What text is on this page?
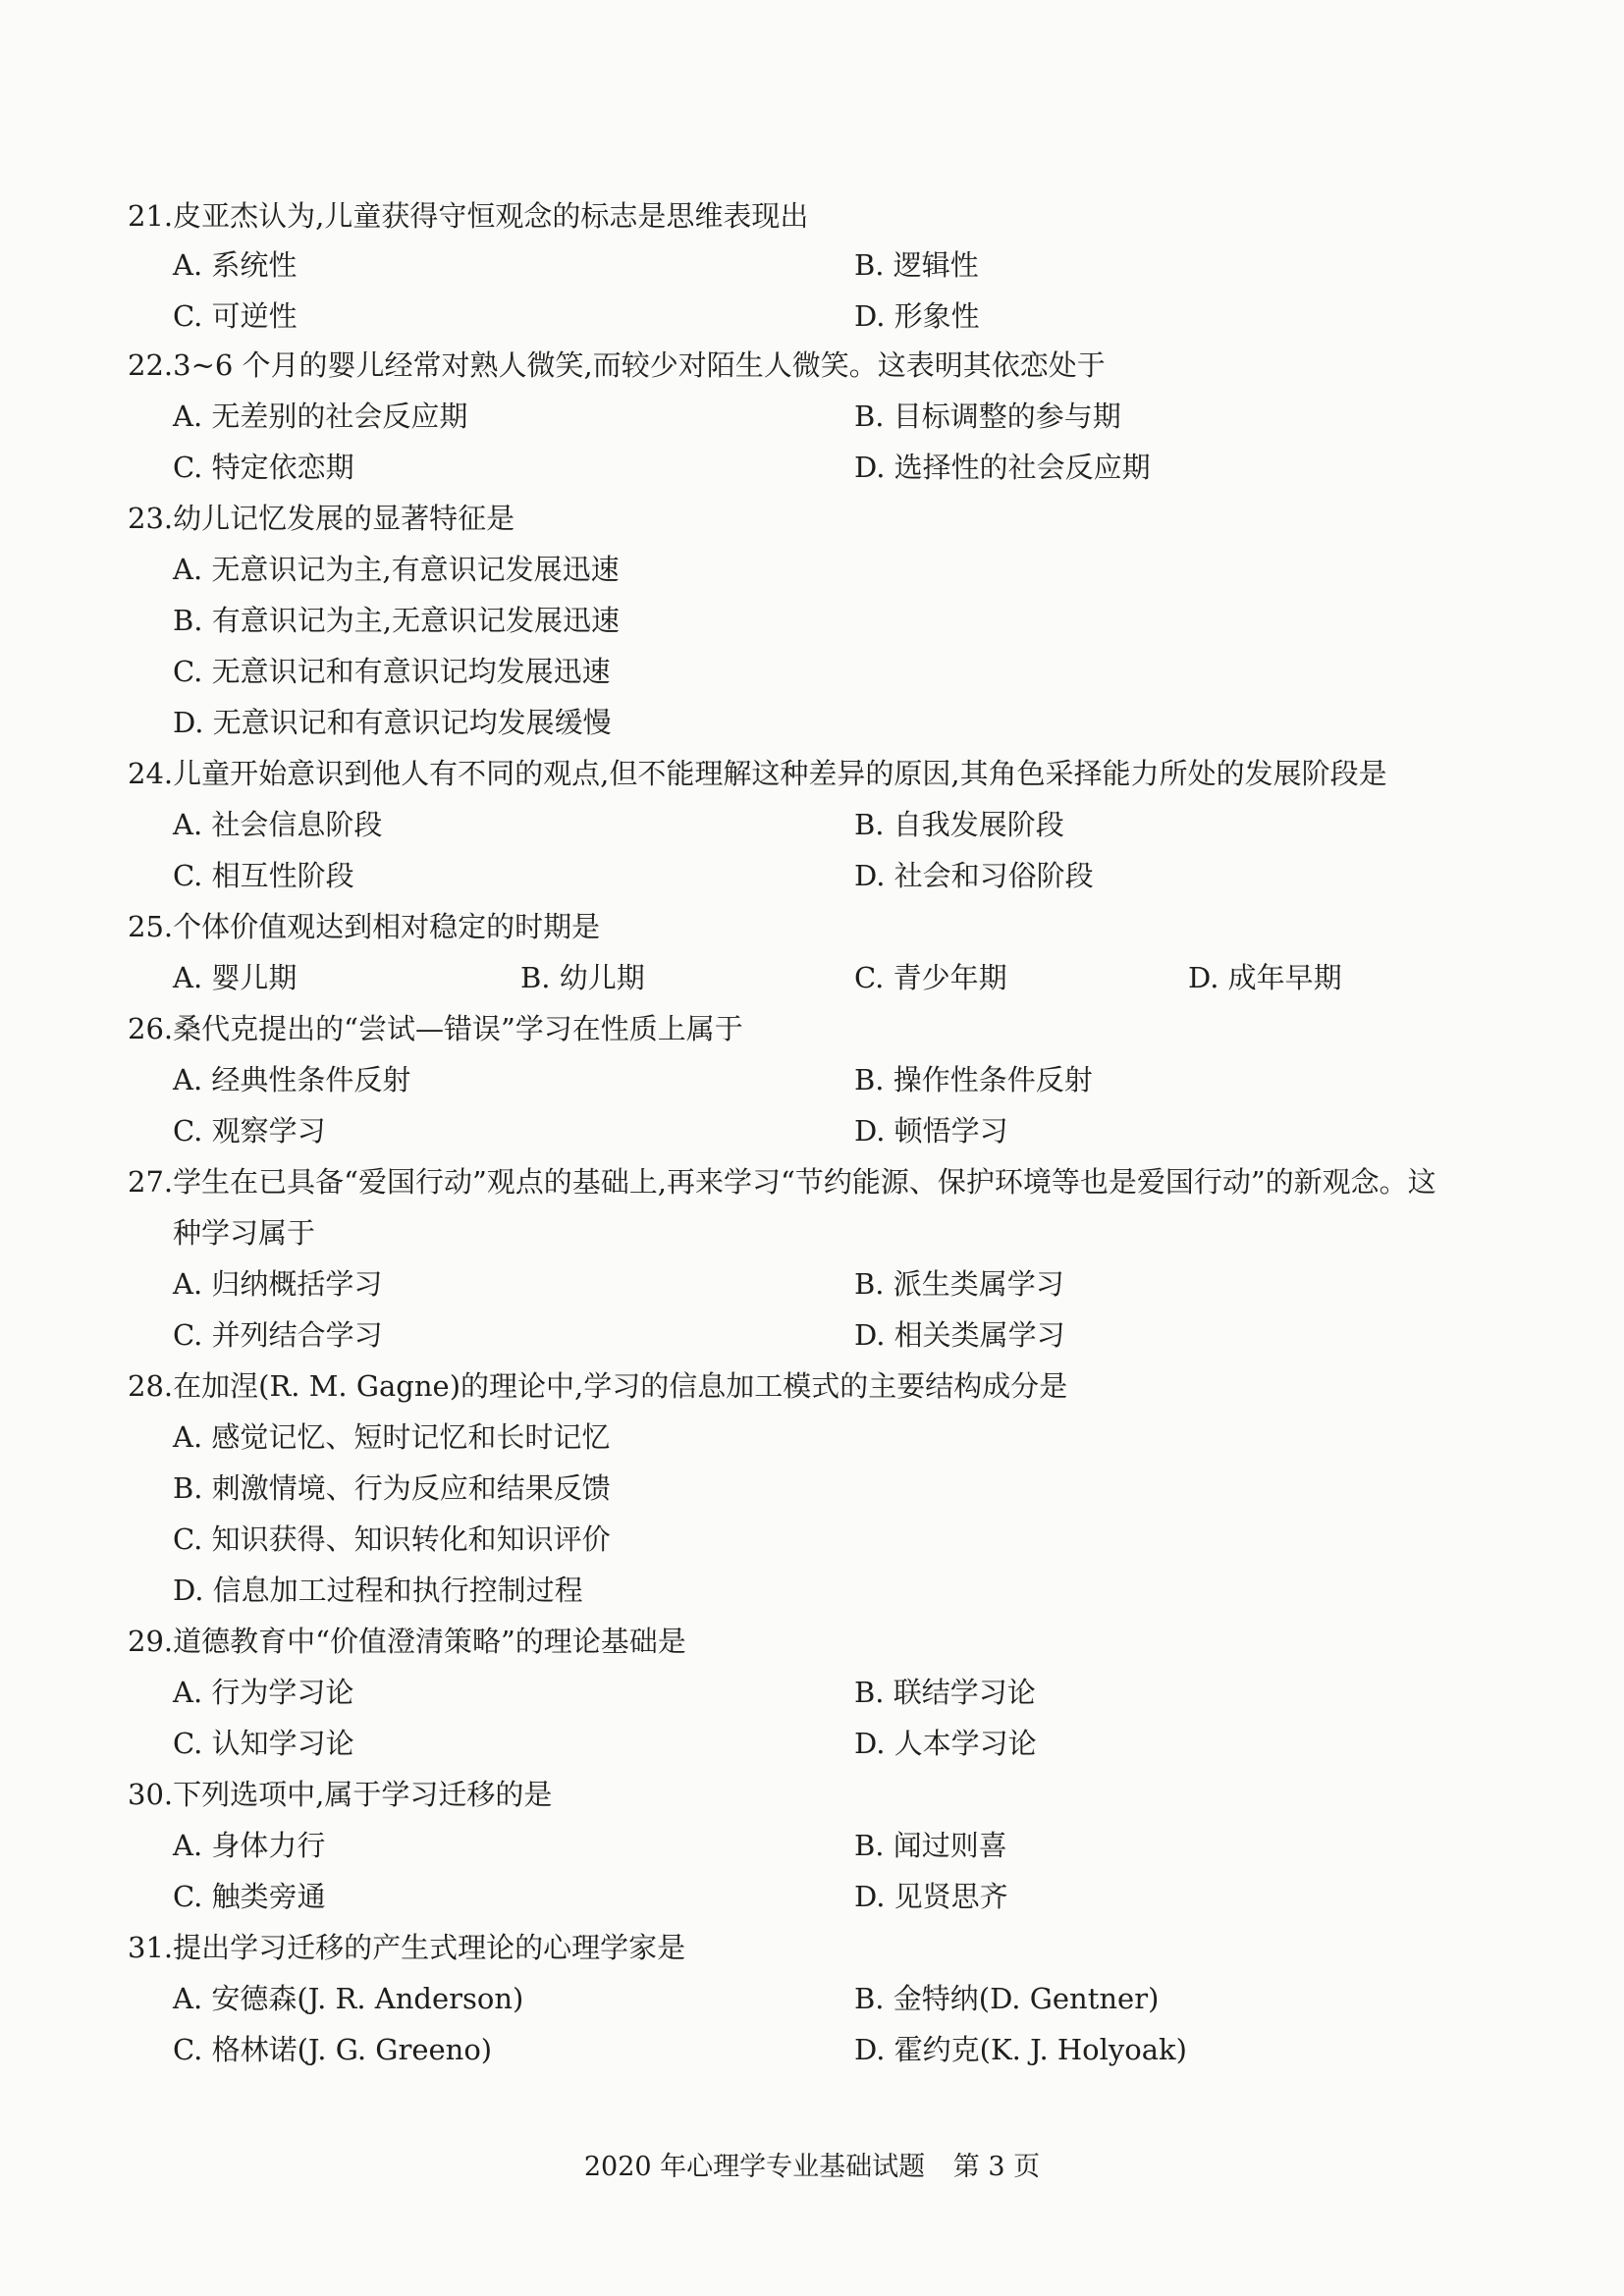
21.皮亚杰认为,儿童获得守恒观念的标志是思维表现出
A. 系统性	B. 逻辑性
C. 可逆性	D. 形象性
22.3~6 个月的婴儿经常对熟人微笑,而较少对陌生人微笑。这表明其依恋处于
A. 无差别的社会反应期	B. 目标调整的参与期
C. 特定依恋期	D. 选择性的社会反应期
23.幼儿记忆发展的显著特征是
A. 无意识记为主,有意识记发展迅速
B. 有意识记为主,无意识记发展迅速
C. 无意识记和有意识记均发展迅速
D. 无意识记和有意识记均发展缓慢
24.儿童开始意识到他人有不同的观点,但不能理解这种差异的原因,其角色采择能力所处的发展阶段是
A. 社会信息阶段	B. 自我发展阶段
C. 相互性阶段	D. 社会和习俗阶段
25.个体价值观达到相对稳定的时期是
A. 婴儿期	B. 幼儿期	C. 青少年期	D. 成年早期
26.桑代克提出的“尝试—错误”学习在性质上属于
A. 经典性条件反射	B. 操作性条件反射
C. 观察学习	D. 顿悟学习
27.学生在已具备“爱国行动”观点的基础上,再来学习“节约能源、保护环境等也是爱国行动”的新观念。这
种学习属于
A. 归纳概括学习	B. 派生类属学习
C. 并列结合学习	D. 相关类属学习
28.在加涅(R. M. Gagne)的理论中,学习的信息加工模式的主要结构成分是
A. 感觉记忆、短时记忆和长时记忆
B. 刺激情境、行为反应和结果反馈
C. 知识获得、知识转化和知识评价
D. 信息加工过程和执行控制过程
29.道德教育中“价值澄清策略”的理论基础是
A. 行为学习论	B. 联结学习论
C. 认知学习论	D. 人本学习论
30.下列选项中,属于学习迁移的是
A. 身体力行	B. 闻过则喜
C. 触类旁通	D. 见贤思齐
31.提出学习迁移的产生式理论的心理学家是
A. 安德森(J. R. Anderson)	B. 金特纳(D. Gentner)
C. 格林诺(J. G. Greeno)	D. 霍约克(K. J. Holyoak)
2020 年心理学专业基础试题 第 3 页
